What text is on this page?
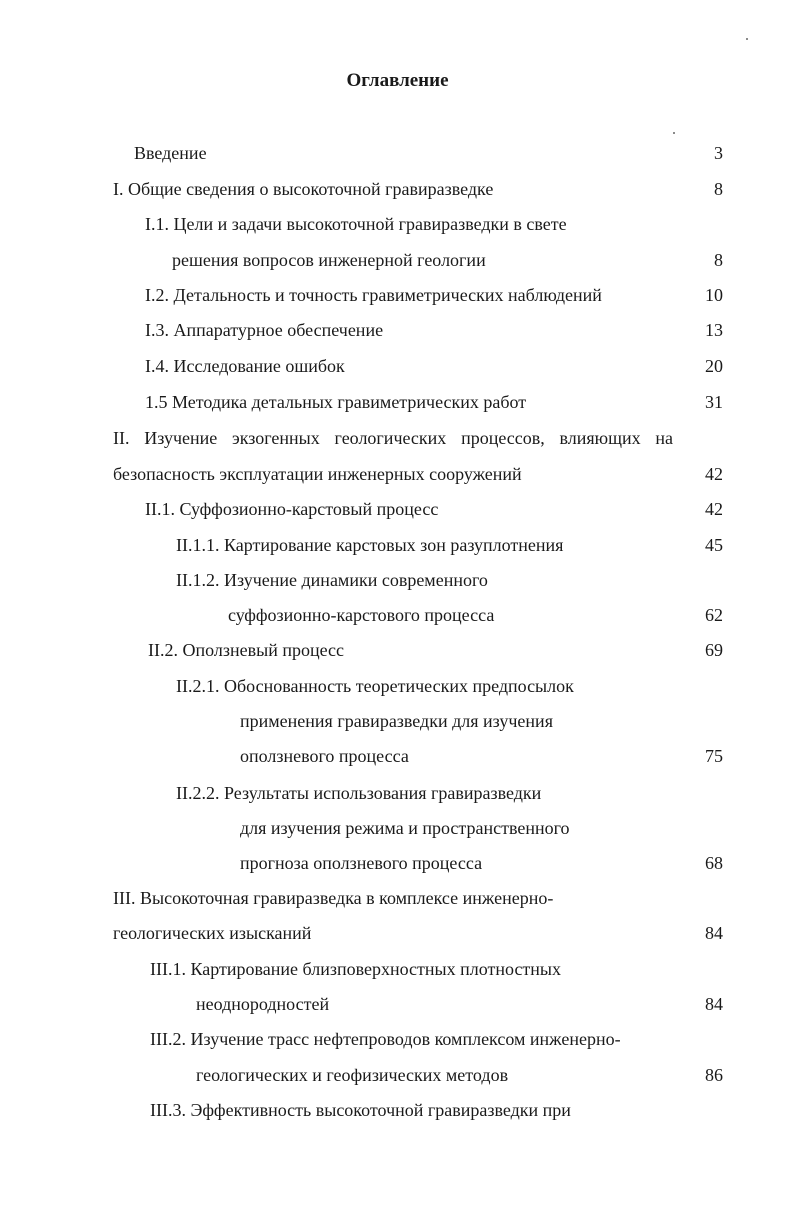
Оглавление
Введение	3
I. Общие сведения о высокоточной гравиразведке	8
I.1. Цели и задачи высокоточной гравиразведки в свете
решения вопросов инженерной геологии	8
I.2. Детальность и точность гравиметрических наблюдений	10
I.3. Аппаратурное обеспечение	13
I.4. Исследование ошибок	20
1.5 Методика детальных гравиметрических работ	31
II. Изучение экзогенных геологических процессов, влияющих на
безопасность эксплуатации инженерных сооружений	42
II.1. Суффозионно-карстовый процесс	42
II.1.1. Картирование карстовых зон разуплотнения	45
II.1.2. Изучение динамики современного
суффозионно-карстового процесса	62
II.2. Оползневый процесс	69
II.2.1. Обоснованность теоретических предпосылок
применения гравиразведки для изучения
оползневого процесса	75
II.2.2. Результаты использования гравиразведки
для изучения режима и пространственного
прогноза оползневого процесса	68
III. Высокоточная гравиразведка в комплексе инженерно-
геологических изысканий	84
III.1. Картирование близповерхностных плотностных
неоднородностей	84
III.2. Изучение трасс нефтепроводов комплексом инженерно-
геологических и геофизических методов	86
III.3. Эффективность высокоточной гравиразведки при
